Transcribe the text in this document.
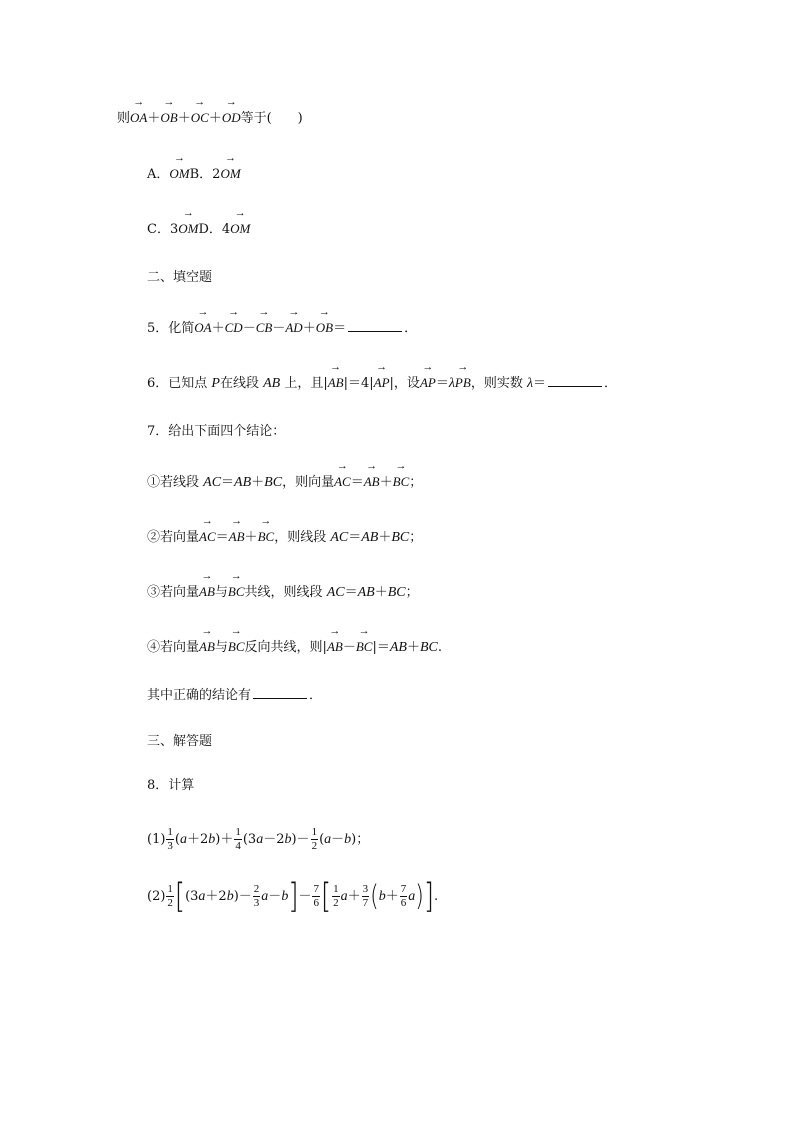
则→ OA＋→ OB＋→ OC＋→ OD等于(　　)
A．→ OMB．2→ OM
C．3→ OMD．4→ OM
二、填空题
5．化简→ OA＋→ CD－→ CB－→ AD＋→ OB＝	．
6．已知点 P在线段 AB 上，且|→ AB|＝4|→ AP|，设→ AP＝λ→ PB，则实数 λ＝	．
7．给出下面四个结论：
①若线段 AC＝AB＋BC，则向量→ AC＝→ AB＋→ BC；
②若向量→ AC＝→ AB＋→ BC，则线段 AC＝AB＋BC；
③若向量→ AB与→ BC共线，则线段 AC＝AB＋BC；
④若向量→ AB与→ BC反向共线，则|→ AB－→ BC|＝AB＋BC.
其中正确的结论有	．
三、解答题
8．计算
$(1) \frac{1}{3} (a+2b)+ \frac{1}{4} (3a-2b)- \frac{1}{2} (a-b)$；
$(2) \frac{1}{2} [(3a+2b)- \frac{2}{3} a-b]- \frac{7}{6}$ [ $\frac{1}{2} a+ \frac{3}{7} (b+ \frac{7}{6} a)$].
